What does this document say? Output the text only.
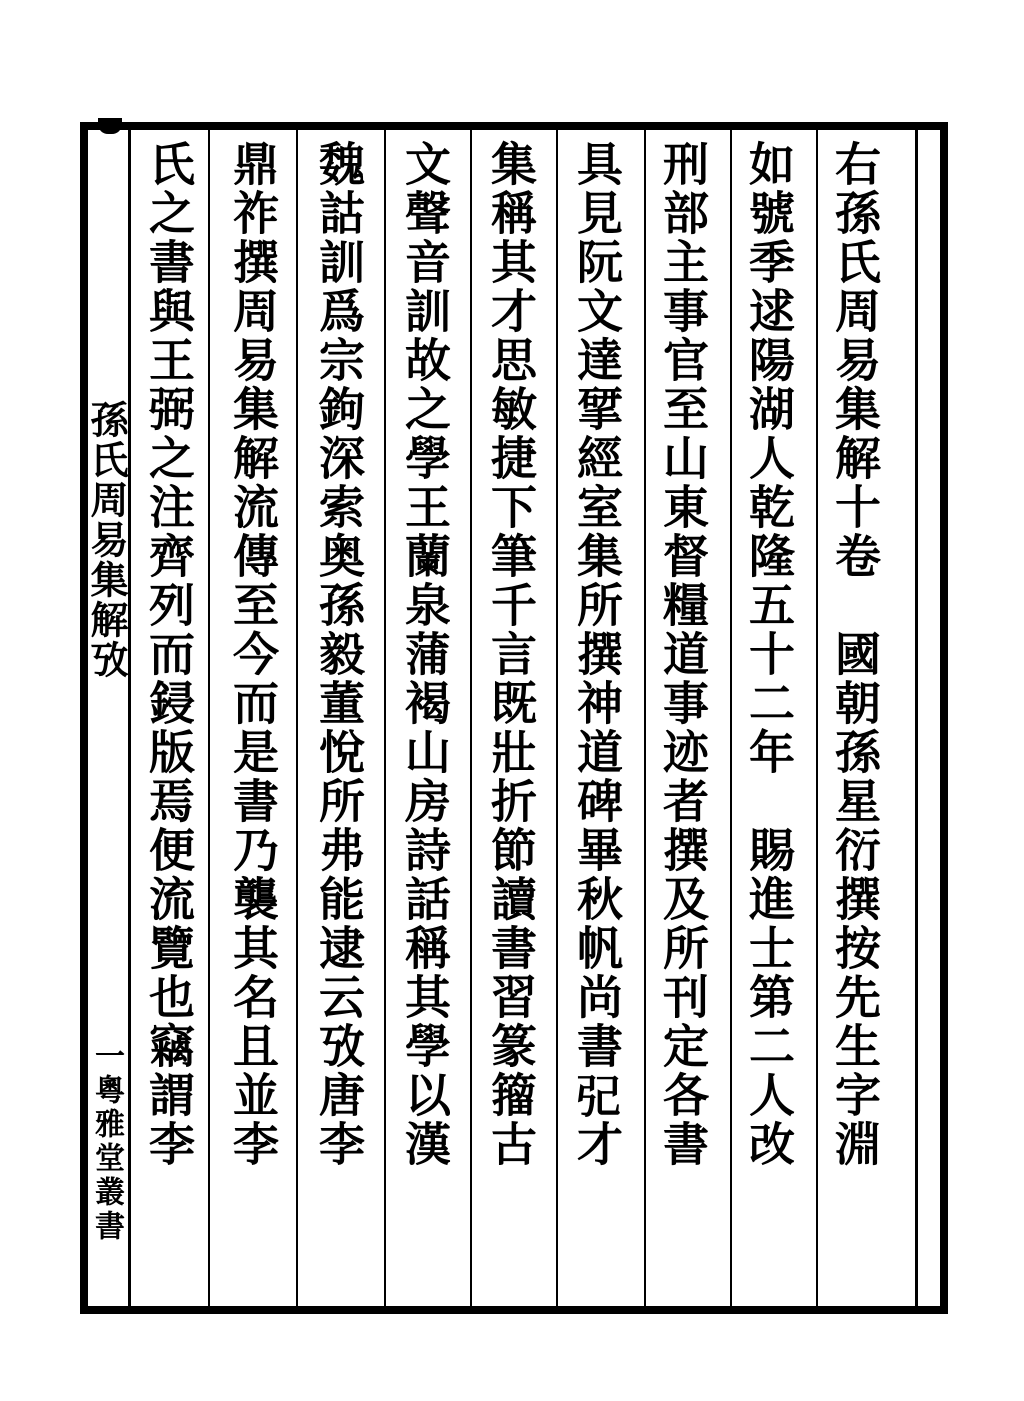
右孫氏周易集解十卷　國朝孫星衍撰按先生字淵
如號季逑陽湖人乾隆五十二年　賜進士第二人改
刑部主事官至山東督糧道事迹者撰及所刊定各書
具見阮文達揅經室集所撰神道碑畢秋帆尚書𢀶才
集稱其才思敏捷下筆千言既壯折節讀書習篆籀古
文聲音訓故之學王蘭泉蒲褐山房詩話稱其學以漢
魏詁訓爲宗鉤深索奥孫毅董悅所弗能逮云攷唐李
鼎祚撰周易集解流傳至今而是書乃襲其名且並李
氏之書與王弼之注齊列而鋟版焉便流覽也竊謂李
孫氏周易集解攷
一粵雅堂叢書
